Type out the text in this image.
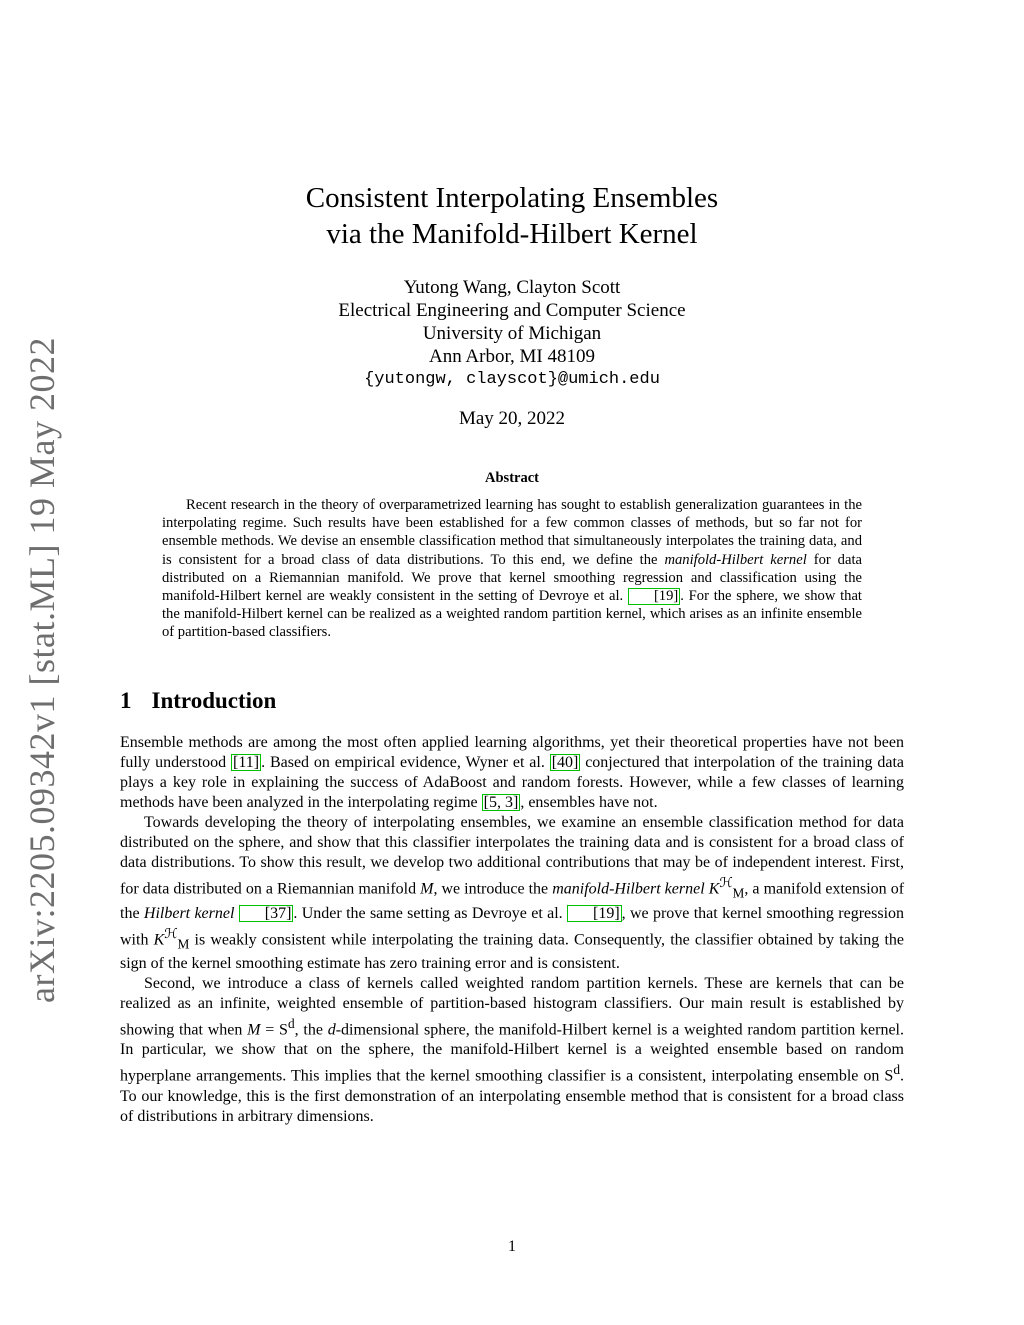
arXiv:2205.09342v1 [stat.ML] 19 May 2022
Consistent Interpolating Ensembles
via the Manifold-Hilbert Kernel
Yutong Wang, Clayton Scott
Electrical Engineering and Computer Science
University of Michigan
Ann Arbor, MI 48109
{yutongw, clayscot}@umich.edu
May 20, 2022
Abstract

Recent research in the theory of overparametrized learning has sought to establish generalization guarantees in the interpolating regime. Such results have been established for a few common classes of methods, but so far not for ensemble methods. We devise an ensemble classification method that simultaneously interpolates the training data, and is consistent for a broad class of data distributions. To this end, we define the manifold-Hilbert kernel for data distributed on a Riemannian manifold. We prove that kernel smoothing regression and classification using the manifold-Hilbert kernel are weakly consistent in the setting of Devroye et al. [19] . For the sphere, we show that the manifold-Hilbert kernel can be realized as a weighted random partition kernel, which arises as an infinite ensemble of partition-based classifiers.

1 Introduction

Ensemble methods are among the most often applied learning algorithms, yet their theoretical properties have not been fully understood [11] . Based on empirical evidence, Wyner et al. [40] conjectured that interpolation of the training data plays a key role in explaining the success of AdaBoost and random forests. However, while a few classes of learning methods have been analyzed in the interpolating regime [5, 3] , ensembles have not.

Towards developing the theory of interpolating ensembles, we examine an ensemble classification method for data distributed on the sphere, and show that this classifier interpolates the training data and is consistent for a broad class of data distributions. To show this result, we develop two additional contributions that may be of independent interest. First, for data distributed on a Riemannian manifold M, we introduce the manifold-Hilbert kernel $K^ℋ_M$, a manifold extension of the Hilbert kernel [37] . Under the same setting as Devroye et al. [19] , we prove that kernel smoothing regression with $K^ℋ_M$ is weakly consistent while interpolating the training data. Consequently, the classifier obtained by taking the sign of the kernel smoothing estimate has zero training error and is consistent.

Second, we introduce a class of kernels called weighted random partition kernels. These are kernels that can be realized as an infinite, weighted ensemble of partition-based histogram classifiers. Our main result is established by showing that when $M = S^d$, the d-dimensional sphere, the manifold-Hilbert kernel is a weighted random partition kernel. In particular, we show that on the sphere, the manifold-Hilbert kernel is a weighted ensemble based on random hyperplane arrangements. This implies that the kernel smoothing classifier is a consistent, interpolating ensemble on $S^d$. To our knowledge, this is the first demonstration of an interpolating ensemble method that is consistent for a broad class of distributions in arbitrary dimensions.

1
